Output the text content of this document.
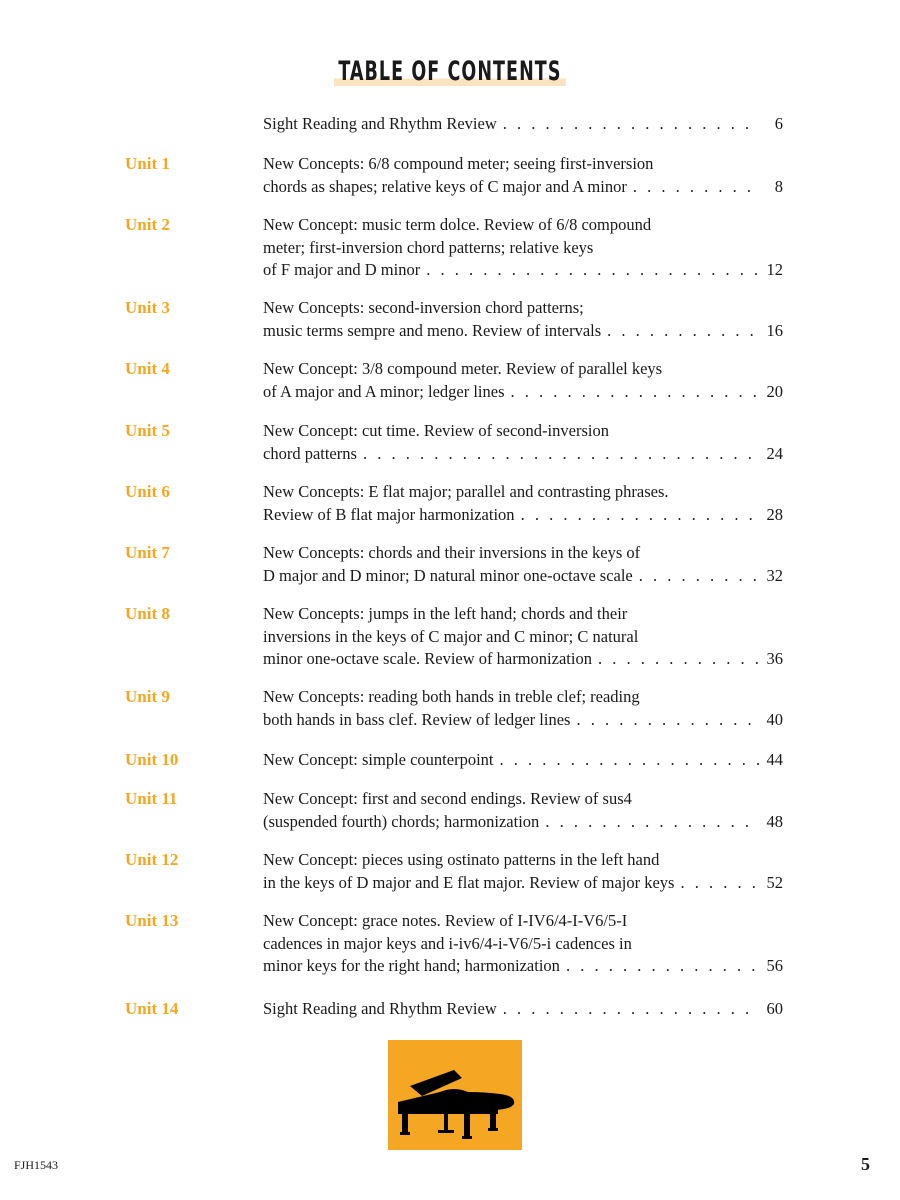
TABLE OF CONTENTS
Sight Reading and Rhythm Review . . .	6
Unit 1	New Concepts: 6/8 compound meter; seeing first-inversion
chords as shapes; relative keys of C major and A minor . . .	8
Unit 2	New Concept: music term dolce. Review of 6/8 compound
meter; first-inversion chord patterns; relative keys
of F major and D minor . . .	12
Unit 3	New Concepts: second-inversion chord patterns;
music terms sempre and meno. Review of intervals . . .	16
Unit 4	New Concept: 3/8 compound meter. Review of parallel keys
of A major and A minor; ledger lines . . .	20
Unit 5	New Concept: cut time. Review of second-inversion
chord patterns . . .	24
Unit 6	New Concepts: E flat major; parallel and contrasting phrases.
Review of B flat major harmonization . . .	28
Unit 7	New Concepts: chords and their inversions in the keys of
D major and D minor; D natural minor one-octave scale . . .	32
Unit 8	New Concepts: jumps in the left hand; chords and their
inversions in the keys of C major and C minor; C natural
minor one-octave scale. Review of harmonization . . .	36
Unit 9	New Concepts: reading both hands in treble clef; reading
both hands in bass clef. Review of ledger lines . . .	40
Unit 10	New Concept: simple counterpoint . . .	44
Unit 11	New Concept: first and second endings. Review of sus4
(suspended fourth) chords; harmonization . . .	48
Unit 12	New Concept: pieces using ostinato patterns in the left hand
in the keys of D major and E flat major. Review of major keys . . .	52
Unit 13	New Concept: grace notes. Review of I-IV6/4-I-V6/5-I
cadences in major keys and i-iv6/4-i-V6/5-i cadences in
minor keys for the right hand; harmonization . . .	56
Unit 14	Sight Reading and Rhythm Review . . .	60
FJH1543	5
